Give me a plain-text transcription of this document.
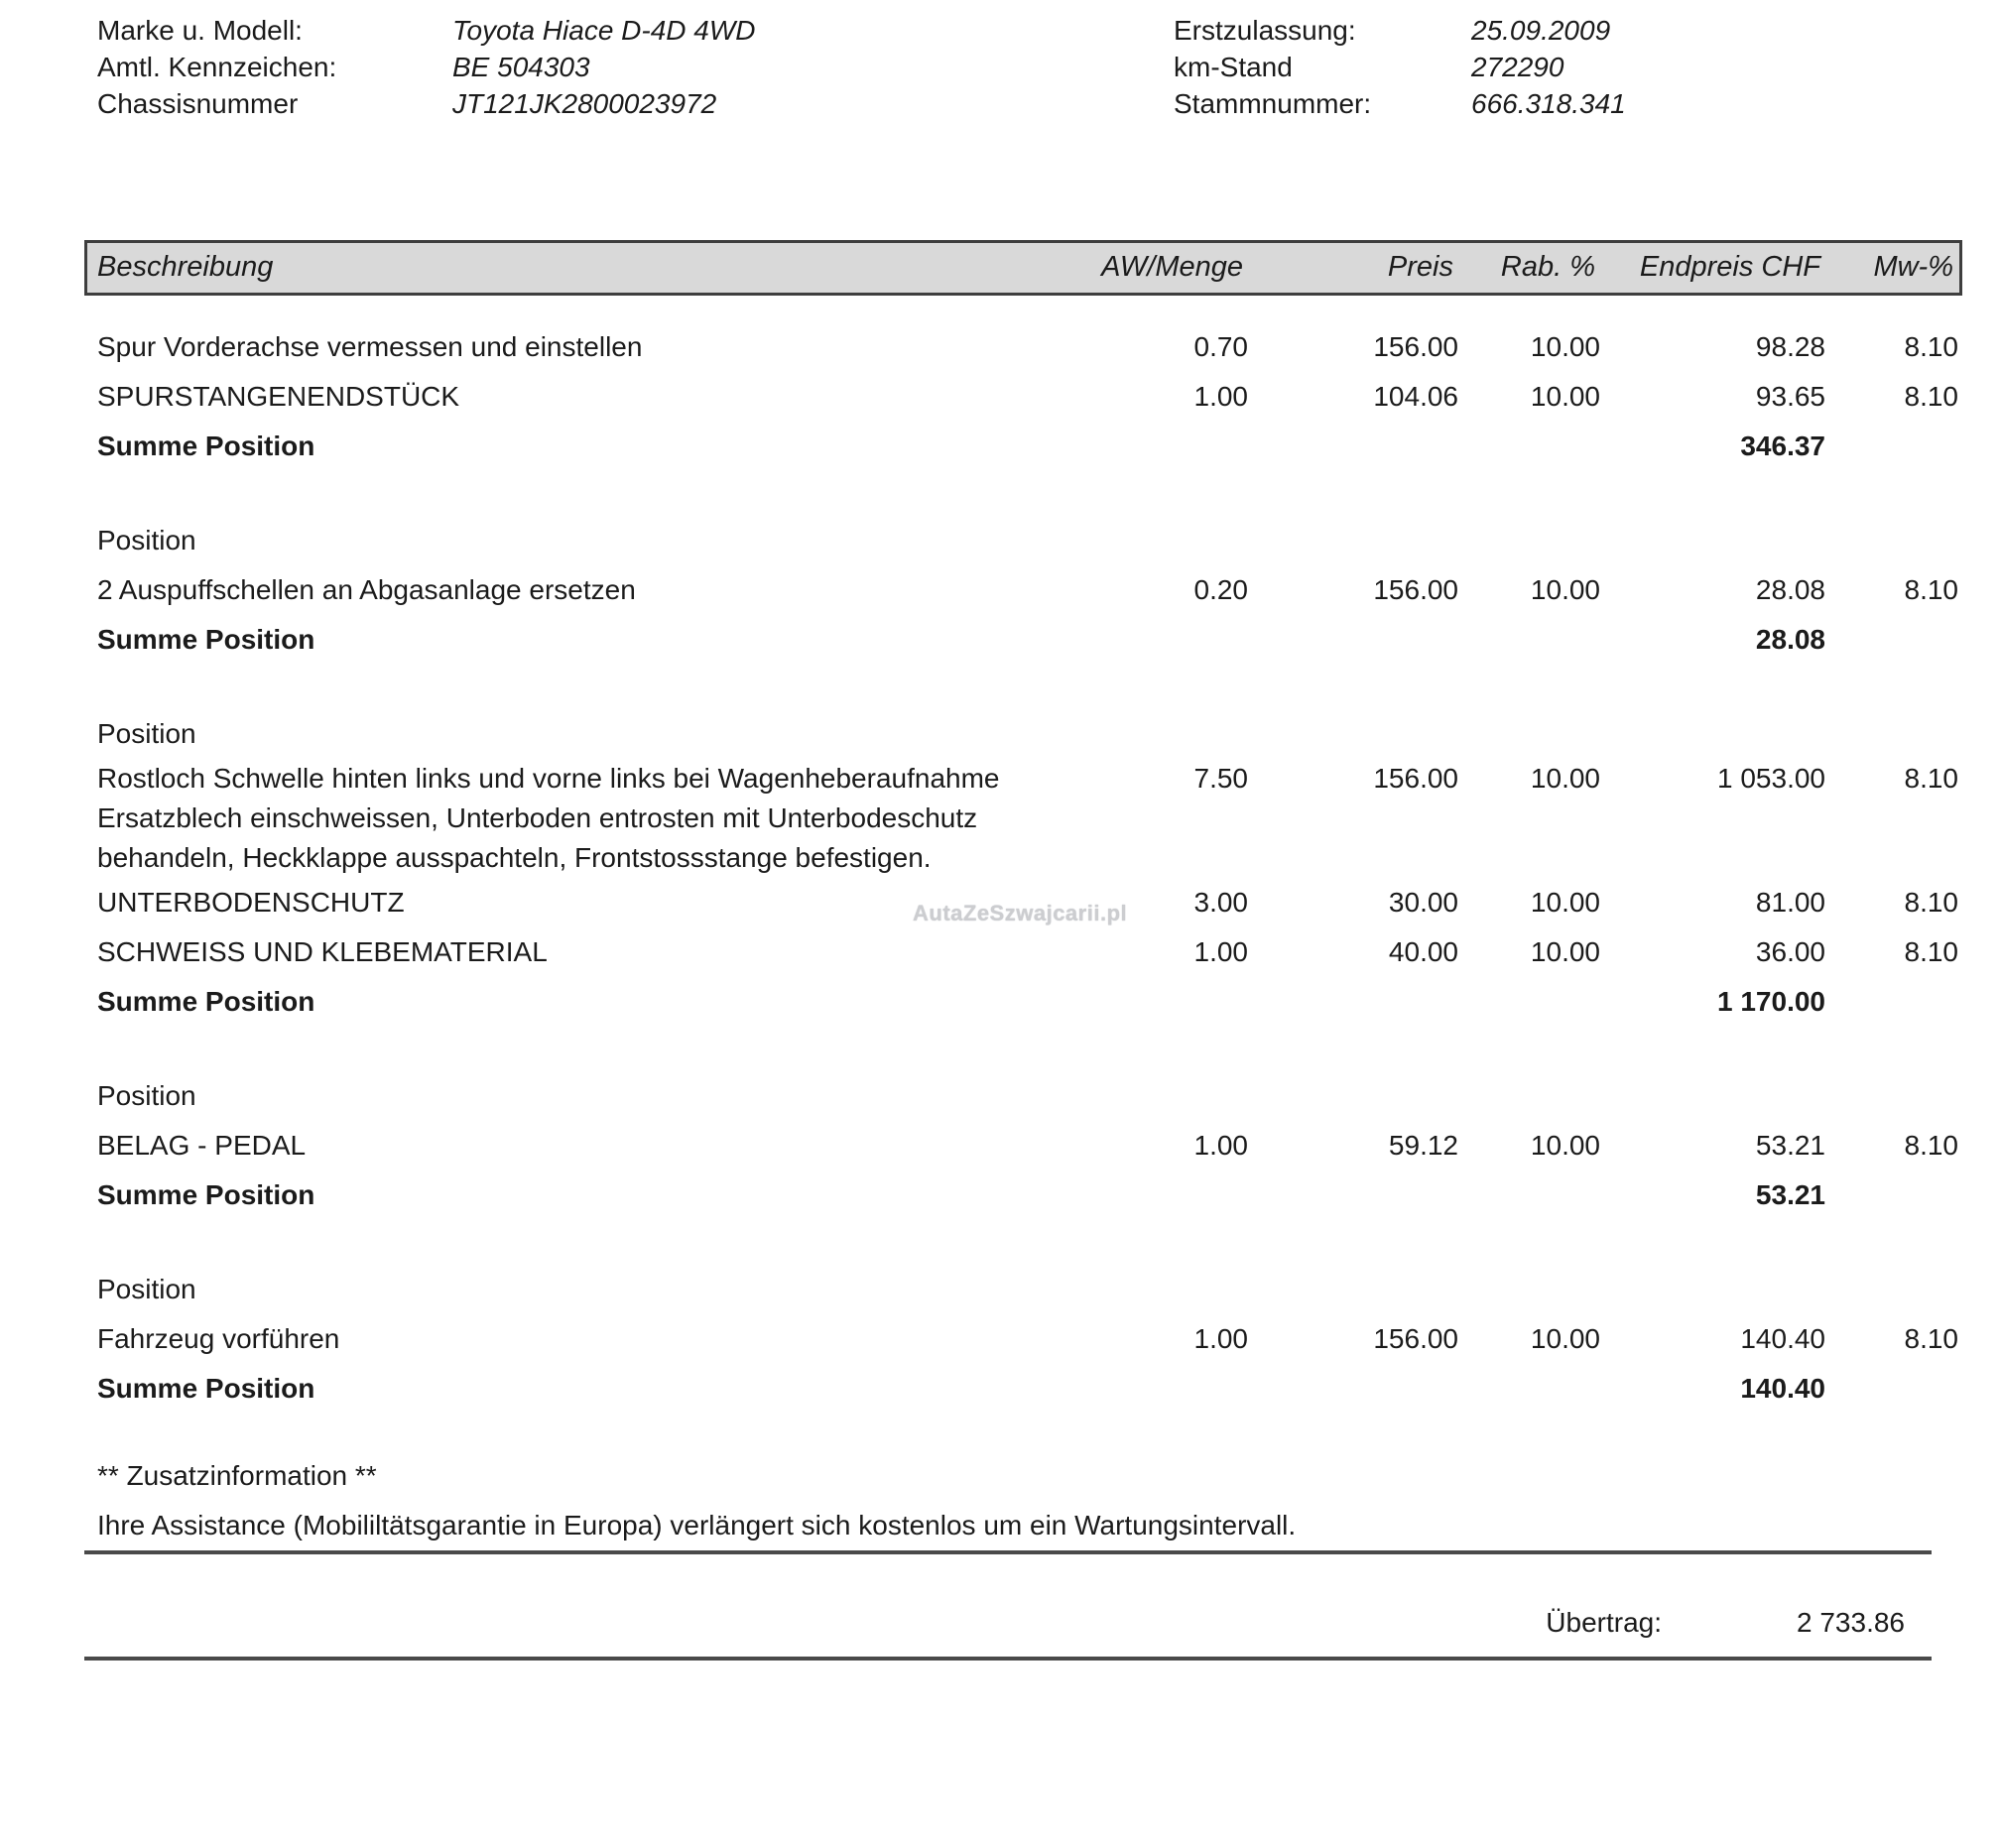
Marke u. Modell:	Toyota Hiace D-4D 4WD
Amtl. Kennzeichen:	BE 504303
Chassisnummer	JT121JK2800023972
Erstzulassung:	25.09.2009
km-Stand	272290
Stammnummer:	666.318.341
AutaZeSzwajcarii.pl
Beschreibung	AW/Menge	Preis	Rab. %	Endpreis CHF	Mw-%
Spur Vorderachse vermessen und einstellen	0.70	156.00	10.00	98.28	8.10
SPURSTANGENENDSTÜCK	1.00	104.06	10.00	93.65	8.10
Summe Position	346.37
Position
2 Auspuffschellen an Abgasanlage ersetzen	0.20	156.00	10.00	28.08	8.10
Summe Position	28.08
Position
Rostloch Schwelle hinten links und vorne links bei Wagenheberaufnahme
Ersatzblech einschweissen, Unterboden entrosten mit Unterbodeschutz
behandeln, Heckklappe ausspachteln, Frontstossstange befestigen.
7.50	156.00	10.00	1 053.00	8.10
UNTERBODENSCHUTZ	3.00	30.00	10.00	81.00	8.10
SCHWEISS UND KLEBEMATERIAL	1.00	40.00	10.00	36.00	8.10
Summe Position	1 170.00
Position
BELAG - PEDAL	1.00	59.12	10.00	53.21	8.10
Summe Position	53.21
Position
Fahrzeug vorführen	1.00	156.00	10.00	140.40	8.10
Summe Position	140.40
** Zusatzinformation **
Ihre Assistance (Mobililtätsgarantie in Europa) verlängert sich kostenlos um ein Wartungsintervall.
Übertrag:	2 733.86
